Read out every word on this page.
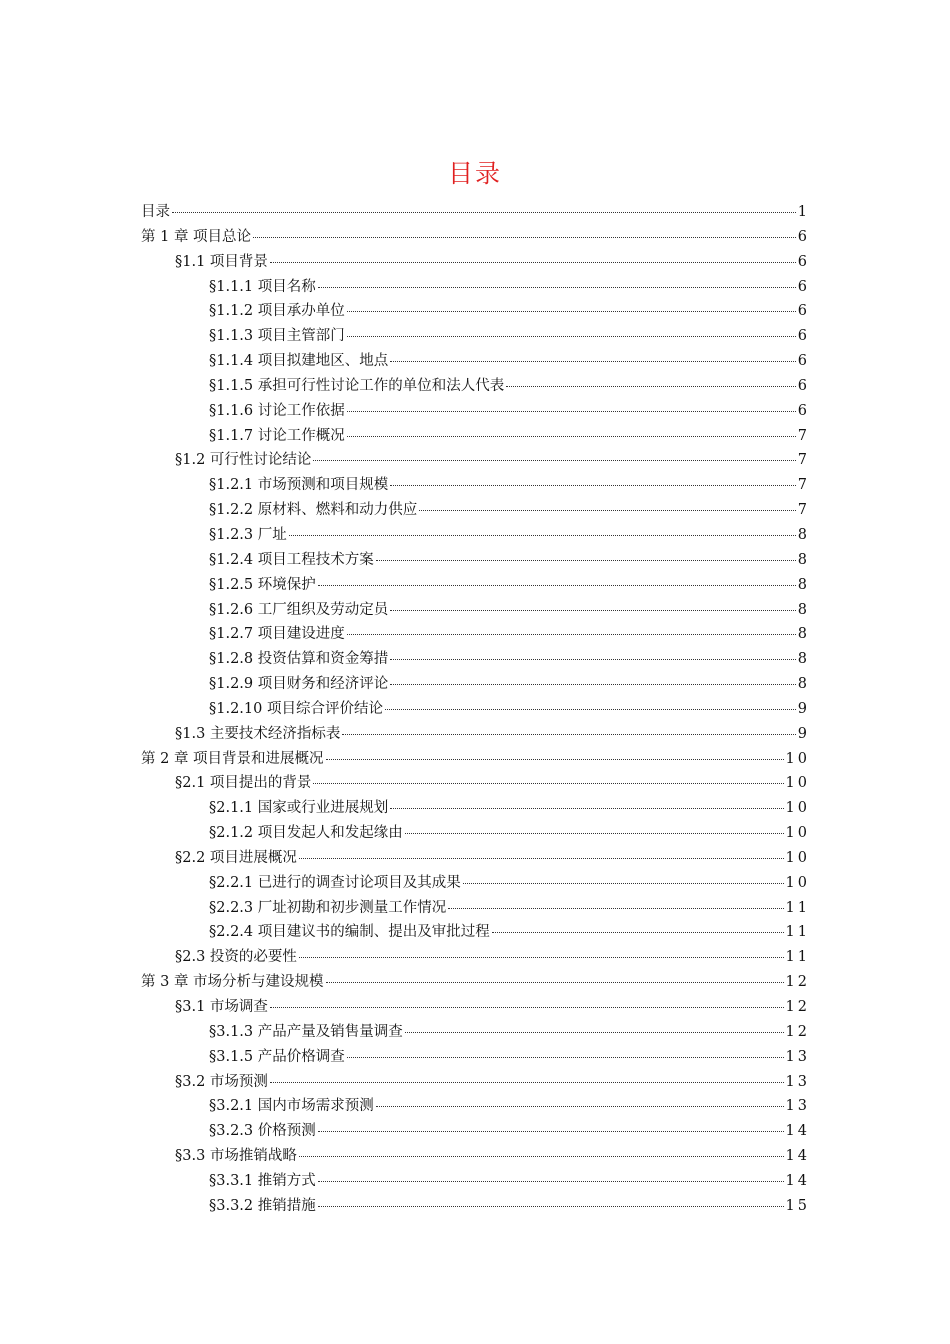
目录
目录	1
第 1 章 项目总论	6
§1.1 项目背景	6
§1.1.1 项目名称	6
§1.1.2 项目承办单位	6
§1.1.3 项目主管部门	6
§1.1.4 项目拟建地区、地点	6
§1.1.5 承担可行性讨论工作的单位和法人代表	6
§1.1.6 讨论工作依据	6
§1.1.7 讨论工作概况	7
§1.2 可行性讨论结论	7
§1.2.1 市场预测和项目规模	7
§1.2.2 原材料、燃料和动力供应	7
§1.2.3 厂址	8
§1.2.4 项目工程技术方案	8
§1.2.5 环境保护	8
§1.2.6 工厂组织及劳动定员	8
§1.2.7 项目建设进度	8
§1.2.8 投资估算和资金筹措	8
§1.2.9 项目财务和经济评论	8
§1.2.10 项目综合评价结论	9
§1.3 主要技术经济指标表	9
第 2 章 项目背景和进展概况	10
§2.1 项目提出的背景	10
§2.1.1 国家或行业进展规划	10
§2.1.2 项目发起人和发起缘由	10
§2.2 项目进展概况	10
§2.2.1 已进行的调查讨论项目及其成果	10
§2.2.3 厂址初勘和初步测量工作情况	11
§2.2.4 项目建议书的编制、提出及审批过程	11
§2.3 投资的必要性	11
第 3 章 市场分析与建设规模	12
§3.1 市场调查	12
§3.1.3 产品产量及销售量调查	12
§3.1.5 产品价格调查	13
§3.2 市场预测	13
§3.2.1 国内市场需求预测	13
§3.2.3 价格预测	14
§3.3 市场推销战略	14
§3.3.1 推销方式	14
§3.3.2 推销措施	15
